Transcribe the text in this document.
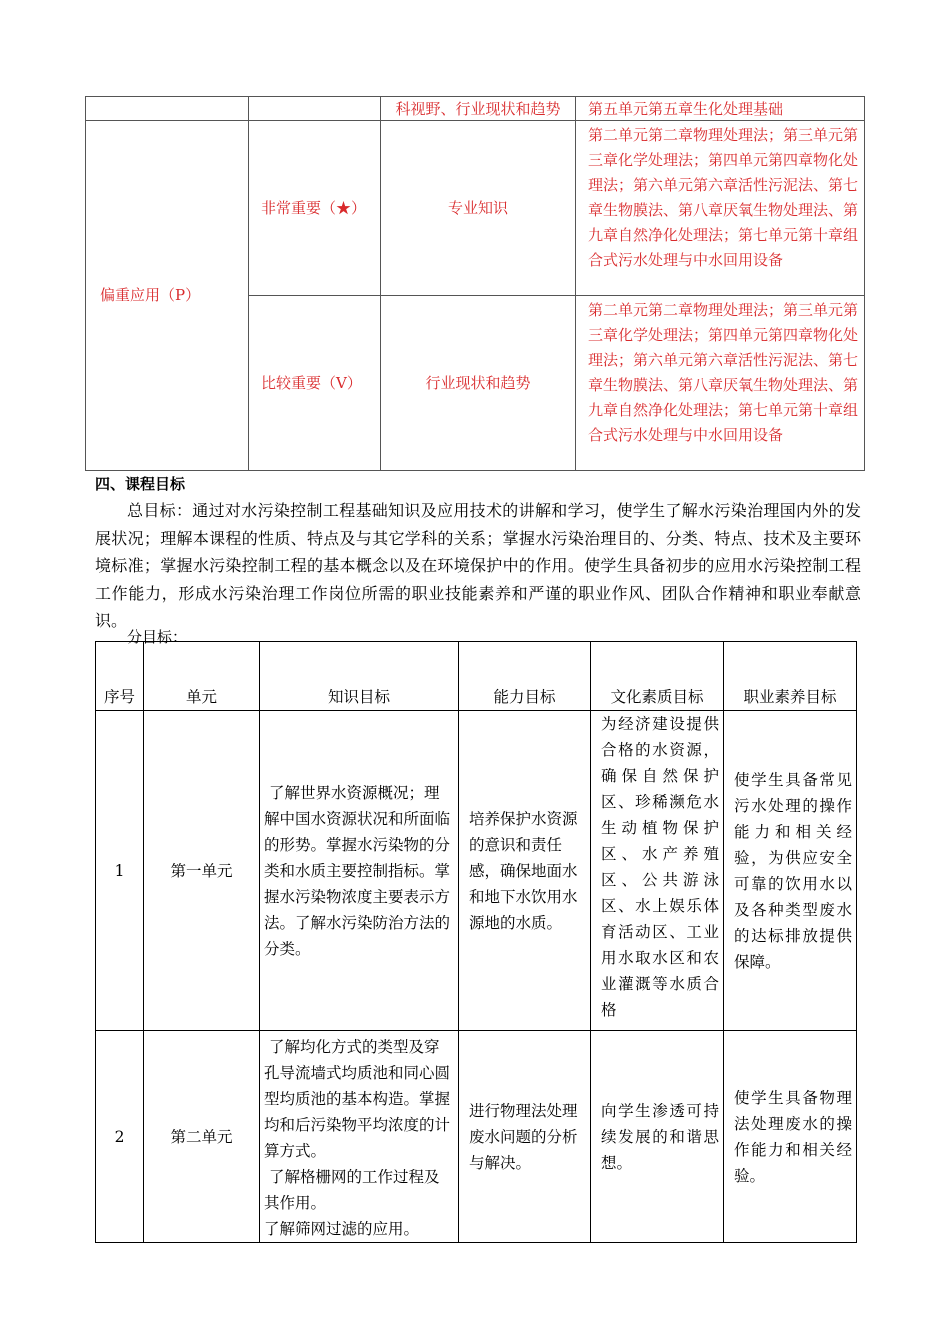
		科视野、行业现状和趋势	第五单元第五章生化处理基础

偏重应用（P）	非常重要（★）	专业知识	第二单元第二章物理处理法；第三单元第三章化学处理法；第四单元第四章物化处理法；第六单元第六章活性污泥法、第七章生物膜法、第八章厌氧生物处理法、第九章自然净化处理法；第七单元第十章组合式污水处理与中水回用设备
	比较重要（V）	行业现状和趋势	第二单元第二章物理处理法；第三单元第三章化学处理法；第四单元第四章物化处理法；第六单元第六章活性污泥法、第七章生物膜法、第八章厌氧生物处理法、第九章自然净化处理法；第七单元第十章组合式污水处理与中水回用设备
四、课程目标

总目标：通过对水污染控制工程基础知识及应用技术的讲解和学习，使学生了解水污染治理国内外的发展状况；理解本课程的性质、特点及与其它学科的关系；掌握水污染治理目的、分类、特点、技术及主要环境标准；掌握水污染控制工程的基本概念以及在环境保护中的作用。使学生具备初步的应用水污染控制工程工作能力，形成水污染治理工作岗位所需的职业技能素养和严谨的职业作风、团队合作精神和职业奉献意识。

分目标：
序号	单元	知识目标	能力目标	文化素质目标	职业素养目标
1	第一单元	了解世界水资源概况；理解中国水资源状况和所面临的形势。掌握水污染物的分类和水质主要控制指标。掌握水污染物浓度主要表示方法。了解水污染防治方法的分类。	培养保护水资源的意识和责任感，确保地面水和地下水饮用水源地的水质。	为经济建设提供合格的水资源，确保自然保护区、珍稀濒危水生动植物保护区、水产养殖区、公共游泳区、水上娱乐体育活动区、工业用水取水区和农业灌溉等水质合格	使学生具备常见污水处理的操作能力和相关经验，为供应安全可靠的饮用水以及各种类型废水的达标排放提供保障。

2	第二单元	了解均化方式的类型及穿孔导流墙式均质池和同心圆型均质池的基本构造。掌握均和后污染物平均浓度的计算方式。
了解格栅网的工作过程及其作用。
了解筛网过滤的应用。	进行物理法处理废水问题的分析与解决。	向学生渗透可持续发展的和谐思想。	使学生具备物理法处理废水的操作能力和相关经验。
